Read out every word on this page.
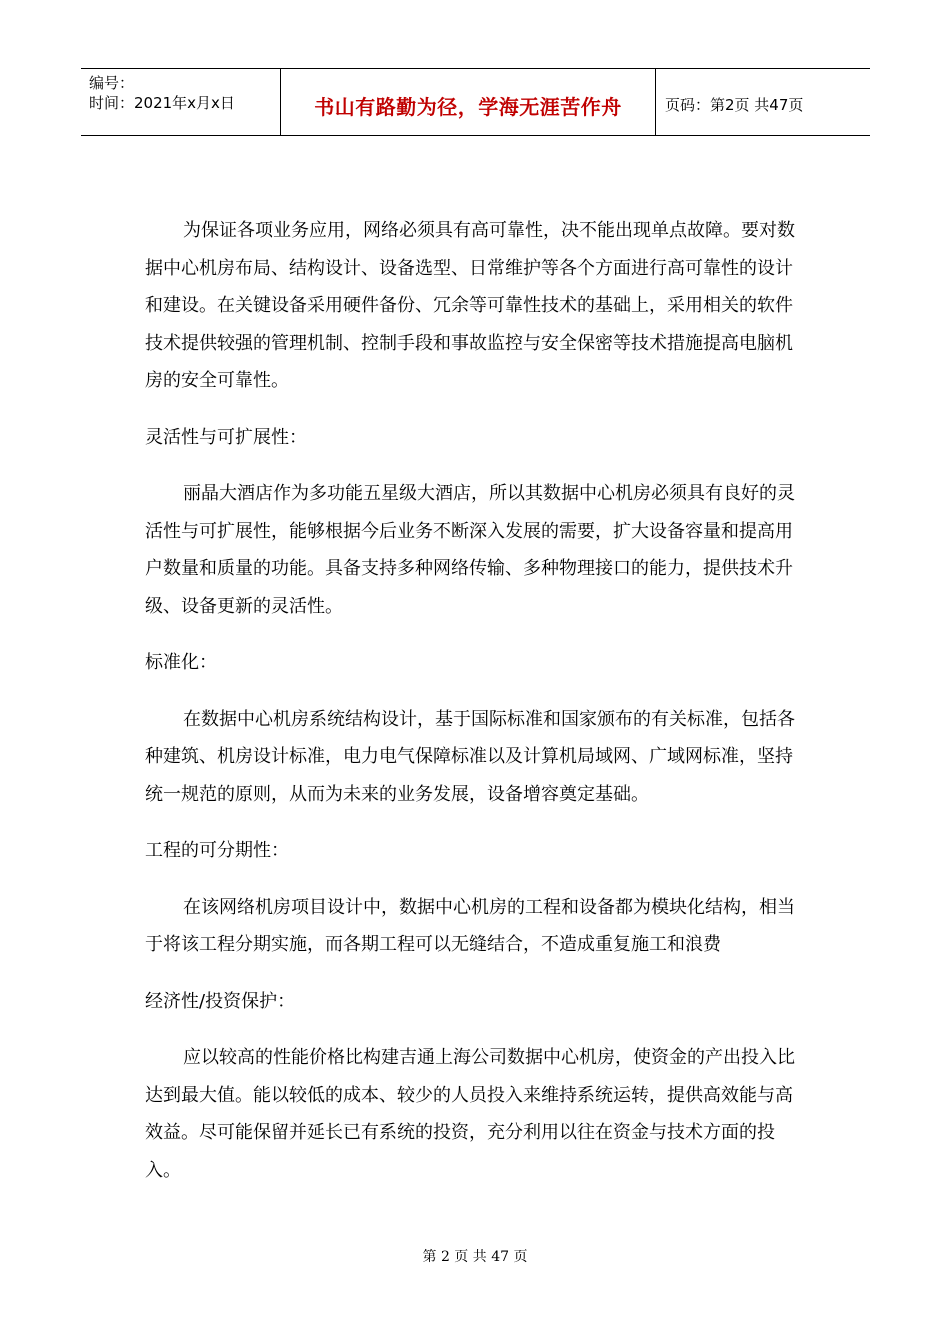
编号：
时间：2021年x月x日	书山有路勤为径，学海无涯苦作舟	页码：第2页 共47页

为保证各项业务应用，网络必须具有高可靠性，决不能出现单点故障。要对数据中心机房布局、结构设计、设备选型、日常维护等各个方面进行高可靠性的设计和建设。在关键设备采用硬件备份、冗余等可靠性技术的基础上，采用相关的软件技术提供较强的管理机制、控制手段和事故监控与安全保密等技术措施提高电脑机房的安全可靠性。

灵活性与可扩展性：

丽晶大酒店作为多功能五星级大酒店，所以其数据中心机房必须具有良好的灵活性与可扩展性，能够根据今后业务不断深入发展的需要，扩大设备容量和提高用户数量和质量的功能。具备支持多种网络传输、多种物理接口的能力，提供技术升级、设备更新的灵活性。

标准化：

在数据中心机房系统结构设计，基于国际标准和国家颁布的有关标准，包括各种建筑、机房设计标准，电力电气保障标准以及计算机局域网、广域网标准，坚持统一规范的原则，从而为未来的业务发展，设备增容奠定基础。

工程的可分期性：

在该网络机房项目设计中，数据中心机房的工程和设备都为模块化结构，相当于将该工程分期实施，而各期工程可以无缝结合，不造成重复施工和浪费

经济性/投资保护：

应以较高的性能价格比构建吉通上海公司数据中心机房，使资金的产出投入比达到最大值。能以较低的成本、较少的人员投入来维持系统运转，提供高效能与高效益。尽可能保留并延长已有系统的投资，充分利用以往在资金与技术方面的投入。

第 2 页 共 47 页
